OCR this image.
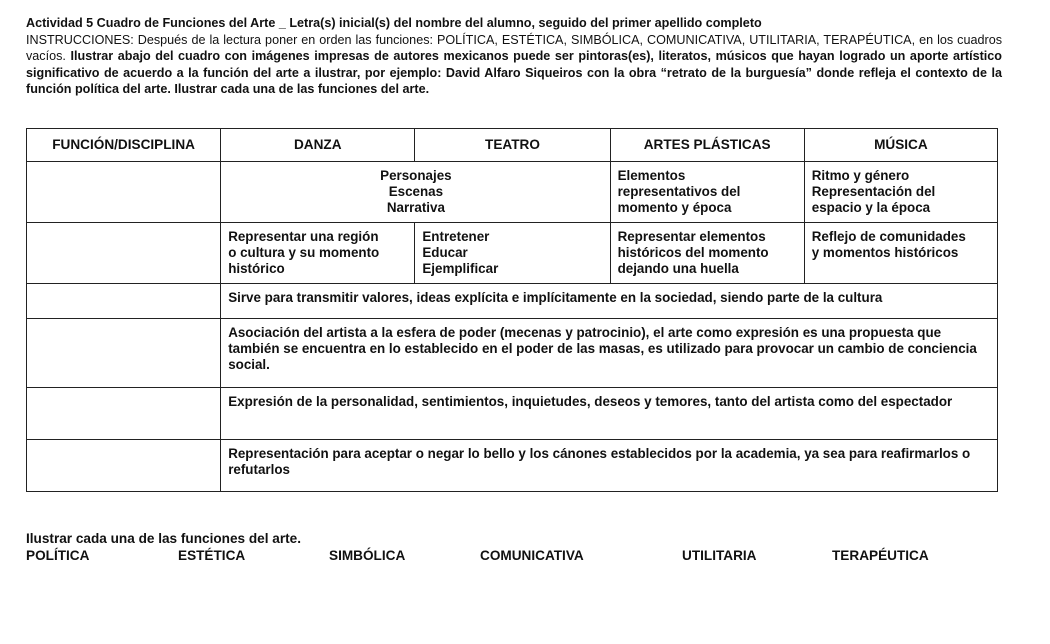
Actividad 5 Cuadro de Funciones del Arte _ Letra(s) inicial(s) del nombre del alumno, seguido del primer apellido completo

INSTRUCCIONES: Después de la lectura poner en orden las funciones: POLÍTICA, ESTÉTICA, SIMBÓLICA, COMUNICATIVA, UTILITARIA, TERAPÉUTICA, en los cuadros vacíos. Ilustrar abajo del cuadro con imágenes impresas de autores mexicanos puede ser pintoras(es), literatos, músicos que hayan logrado un aporte artístico significativo de acuerdo a la función del arte a ilustrar, por ejemplo: David Alfaro Siqueiros con la obra “retrato de la burguesía” donde refleja el contexto de la función política del arte. Ilustrar cada una de las funciones del arte.

FUNCIÓN/DISCIPLINA	DANZA	TEATRO	ARTES PLÁSTICAS	MÚSICA

	Personajes
Escenas
Narrativa		Elementos
representativos del
momento y época	Ritmo y género
Representación del
espacio y la época

	Representar una región
o cultura y su momento
histórico	Entretener
Educar
Ejemplificar	Representar elementos
históricos del momento
dejando una huella	Reflejo de comunidades
y momentos históricos

	Sirve para transmitir valores, ideas explícita e implícitamente en la sociedad, siendo parte de la cultura			
	Asociación del artista a la esfera de poder (mecenas y patrocinio), el arte como expresión es una propuesta que también se encuentra en lo establecido en el poder de las masas, es utilizado para provocar un cambio de conciencia social.			
	Expresión de la personalidad, sentimientos, inquietudes, deseos y temores, tanto del artista como del espectador			
	Representación para aceptar o negar lo bello y los cánones establecidos por la academia, ya sea para reafirmarlos o refutarlos			
Ilustrar cada una de las funciones del arte.
POLÍTICA	ESTÉTICA	SIMBÓLICA	COMUNICATIVA	UTILITARIA	TERAPÉUTICA
